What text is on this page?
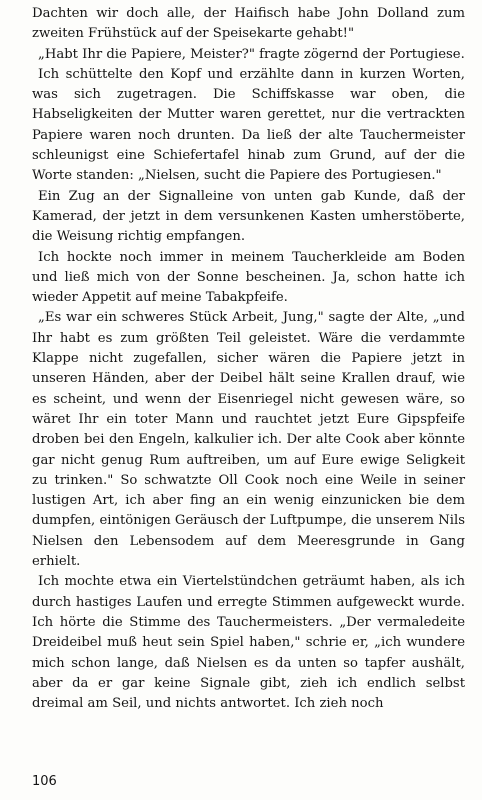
Dachten wir doch alle, der Haifisch habe John Dolland zum zweiten Frühstück auf der Speisekarte gehabt!"

„Habt Ihr die Papiere, Meister?" fragte zögernd der Portugiese.

Ich schüttelte den Kopf und erzählte dann in kurzen Worten, was sich zugetragen. Die Schiffskasse war oben, die Habseligkeiten der Mutter waren gerettet, nur die vertrackten Papiere waren noch drunten. Da ließ der alte Tauchermeister schleunigst eine Schiefertafel hinab zum Grund, auf der die Worte standen: „Nielsen, sucht die Papiere des Portugiesen."

Ein Zug an der Signalleine von unten gab Kunde, daß der Kamerad, der jetzt in dem versunkenen Kasten umherstöberte, die Weisung richtig empfangen.

Ich hockte noch immer in meinem Taucherkleide am Boden und ließ mich von der Sonne bescheinen. Ja, schon hatte ich wieder Appetit auf meine Tabakpfeife.

„Es war ein schweres Stück Arbeit, Jung," sagte der Alte, „und Ihr habt es zum größten Teil geleistet. Wäre die verdammte Klappe nicht zugefallen, sicher wären die Papiere jetzt in unseren Händen, aber der Deibel hält seine Krallen drauf, wie es scheint, und wenn der Eisenriegel nicht gewesen wäre, so wäret Ihr ein toter Mann und rauchtet jetzt Eure Gipspfeife droben bei den Engeln, kalkulier ich. Der alte Cook aber könnte gar nicht genug Rum auftreiben, um auf Eure ewige Seligkeit zu trinken." So schwatzte Oll Cook noch eine Weile in seiner lustigen Art, ich aber fing an ein wenig einzunicken bie dem dumpfen, eintönigen Geräusch der Luftpumpe, die unserem Nils Nielsen den Lebensodem auf dem Meeresgrunde in Gang erhielt.

Ich mochte etwa ein Viertelstündchen geträumt haben, als ich durch hastiges Laufen und erregte Stimmen aufgeweckt wurde. Ich hörte die Stimme des Tauchermeisters. „Der vermaledeite Dreideibel muß heut sein Spiel haben," schrie er, „ich wundere mich schon lange, daß Nielsen es da unten so tapfer aushält, aber da er gar keine Signale gibt, zieh ich endlich selbst dreimal am Seil, und nichts antwortet. Ich zieh noch

106
